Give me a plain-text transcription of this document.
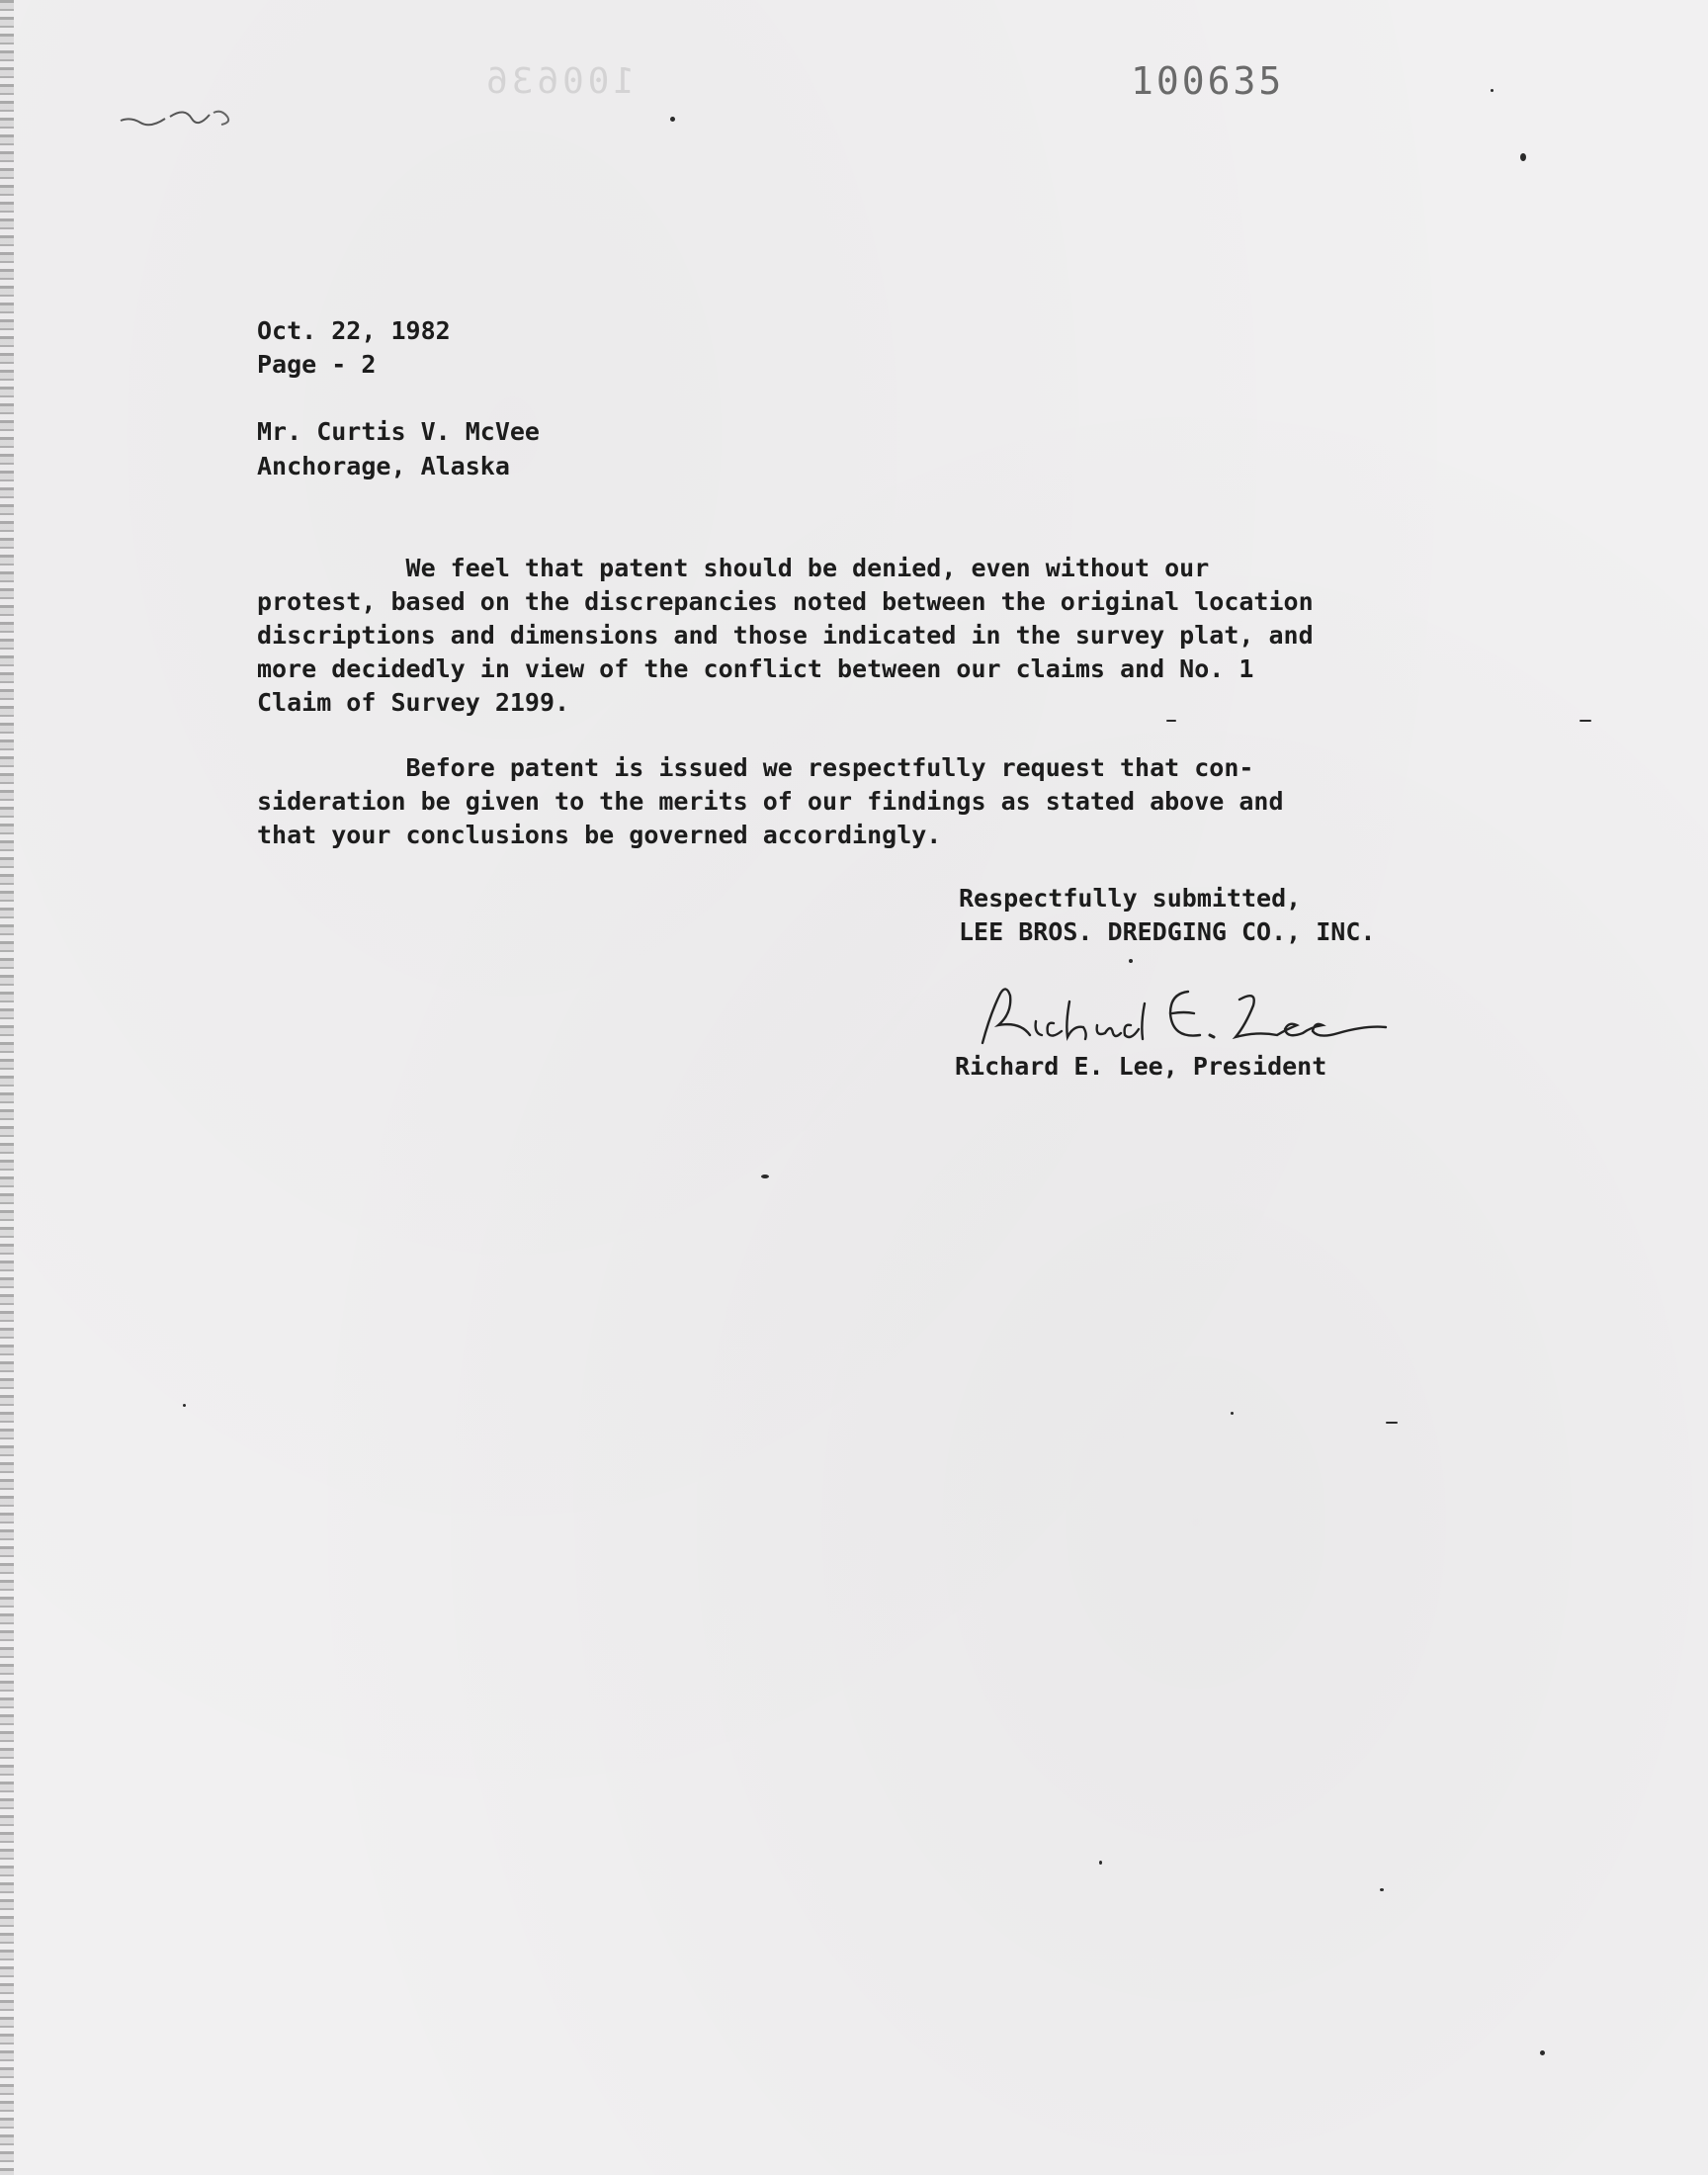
100636	100635
Oct. 22, 1982
Page - 2
Mr. Curtis V. McVee
Anchorage, Alaska
We feel that patent should be denied, even without our
protest, based on the discrepancies noted between the original location
discriptions and dimensions and those indicated in the survey plat, and
more decidedly in view of the conflict between our claims and No. 1
Claim of Survey 2199.
Before patent is issued we respectfully request that con-
sideration be given to the merits of our findings as stated above and
that your conclusions be governed accordingly.
Respectfully submitted,
LEE BROS. DREDGING CO., INC.
Richard E. Lee, President
